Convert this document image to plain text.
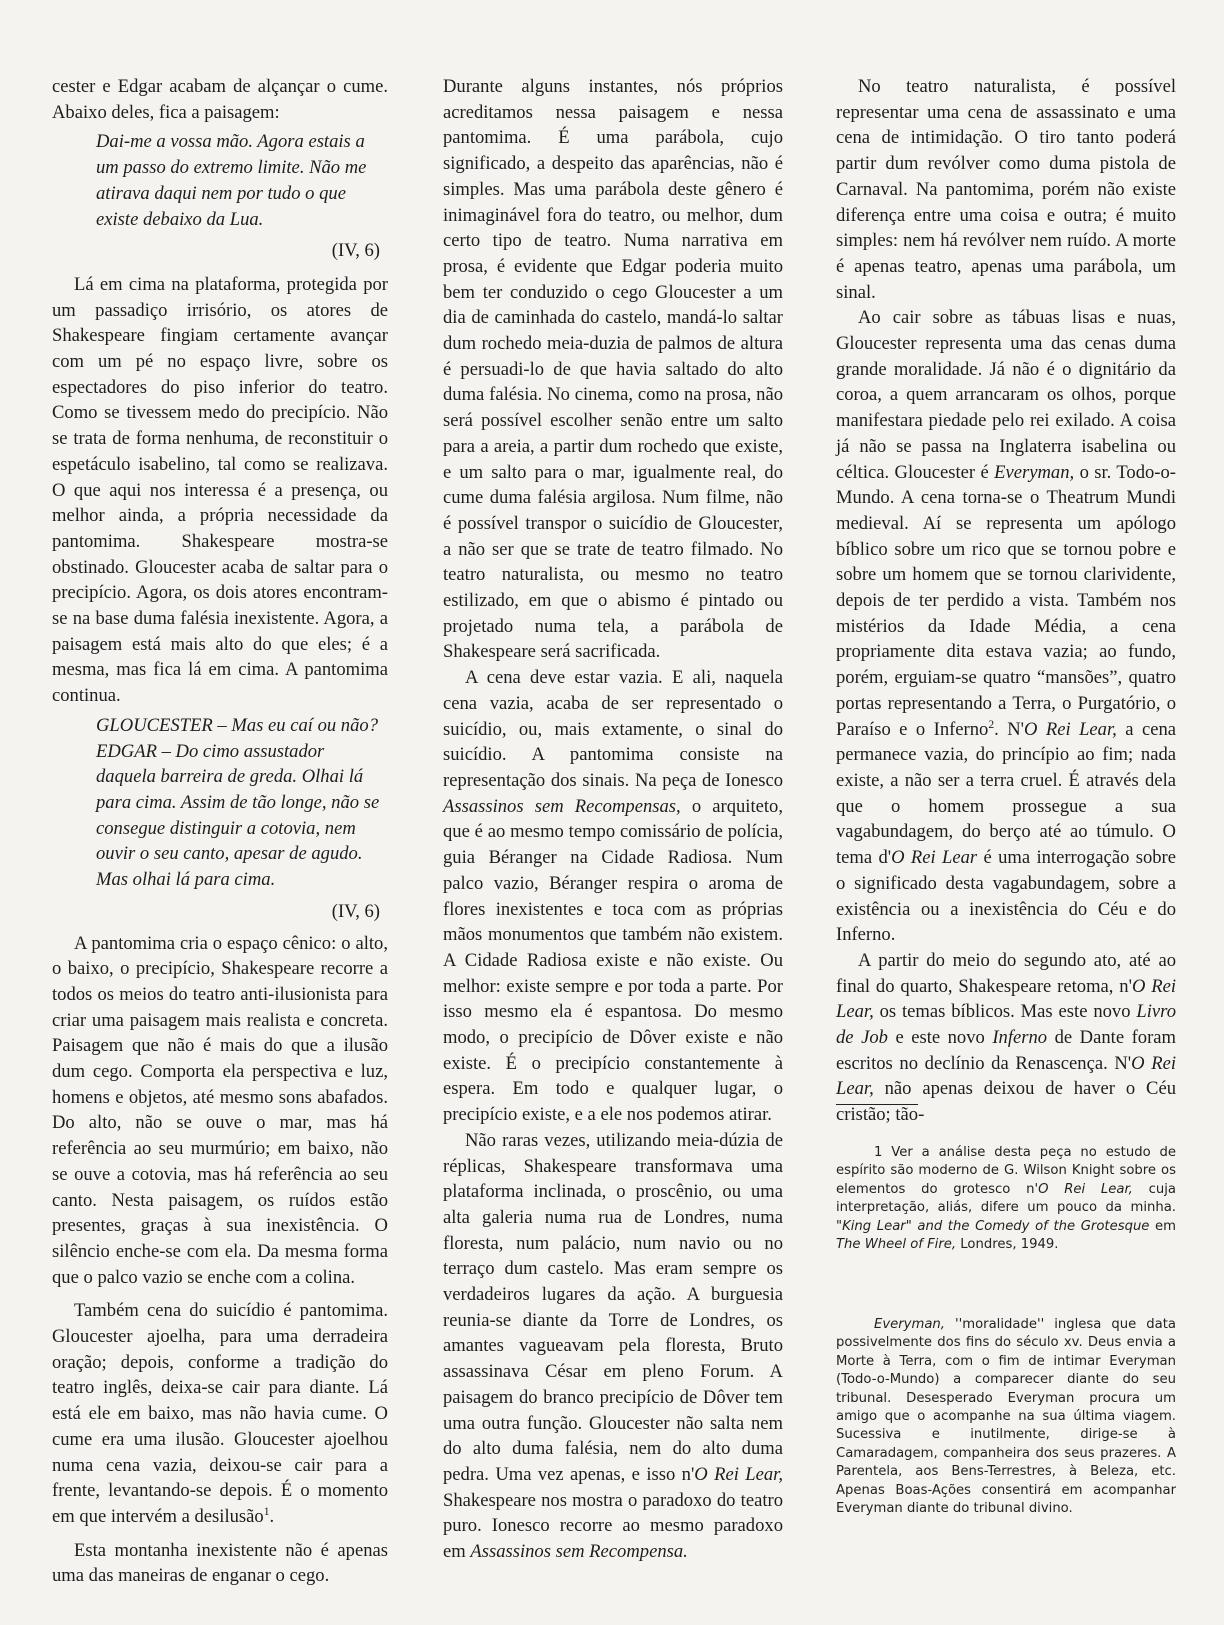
cester e Edgar acabam de alçançar o cume. Abaixo deles, fica a paisagem:

Dai-me a vossa mão. Agora estais a um passo do extremo limite. Não me atirava daqui nem por tudo o que existe debaixo da Lua.

(IV, 6)

Lá em cima na plataforma, protegida por um passadiço irrisório, os atores de Shakespeare fingiam certamente avançar com um pé no espaço livre, sobre os espectadores do piso inferior do teatro. Como se tivessem medo do precipício. Não se trata de forma nenhuma, de reconstituir o espetáculo isabelino, tal como se realizava. O que aqui nos interessa é a presença, ou melhor ainda, a própria necessidade da pantomima. Shakespeare mostra-se obstinado. Gloucester acaba de saltar para o precipício. Agora, os dois atores encontram-se na base duma falésia inexistente. Agora, a paisagem está mais alto do que eles; é a mesma, mas fica lá em cima. A pantomima continua.

GLOUCESTER – Mas eu caí ou não?

EDGAR – Do cimo assustador daquela barreira de greda. Olhai lá para cima. Assim de tão longe, não se consegue distinguir a cotovia, nem ouvir o seu canto, apesar de agudo. Mas olhai lá para cima.

(IV, 6)

A pantomima cria o espaço cênico: o alto, o baixo, o precipício, Shakespeare recorre a todos os meios do teatro anti-ilusionista para criar uma paisagem mais realista e concreta. Paisagem que não é mais do que a ilusão dum cego. Comporta ela perspectiva e luz, homens e objetos, até mesmo sons abafados. Do alto, não se ouve o mar, mas há referência ao seu murmúrio; em baixo, não se ouve a cotovia, mas há referência ao seu canto. Nesta paisagem, os ruídos estão presentes, graças à sua inexistência. O silêncio enche-se com ela. Da mesma forma que o palco vazio se enche com a colina.

Também cena do suicídio é pantomima. Gloucester ajoelha, para uma derradeira oração; depois, conforme a tradição do teatro inglês, deixa-se cair para diante. Lá está ele em baixo, mas não havia cume. O cume era uma ilusão. Gloucester ajoelhou numa cena vazia, deixou-se cair para a frente, levantando-se depois. É o momento em que intervém a desilusão$^1$.

Esta montanha inexistente não é apenas uma das maneiras de enganar o cego.

Durante alguns instantes, nós próprios acreditamos nessa paisagem e nessa pantomima. É uma parábola, cujo significado, a despeito das aparências, não é simples. Mas uma parábola deste gênero é inimaginável fora do teatro, ou melhor, dum certo tipo de teatro. Numa narrativa em prosa, é evidente que Edgar poderia muito bem ter conduzido o cego Gloucester a um dia de caminhada do castelo, mandá-lo saltar dum rochedo meia-duzia de palmos de altura é persuadi-lo de que havia saltado do alto duma falésia. No cinema, como na prosa, não será possível escolher senão entre um salto para a areia, a partir dum rochedo que existe, e um salto para o mar, igualmente real, do cume duma falésia argilosa. Num filme, não é possível transpor o suicídio de Gloucester, a não ser que se trate de teatro filmado. No teatro naturalista, ou mesmo no teatro estilizado, em que o abismo é pintado ou projetado numa tela, a parábola de Shakespeare será sacrificada.

A cena deve estar vazia. E ali, naquela cena vazia, acaba de ser representado o suicídio, ou, mais extamente, o sinal do suicídio. A pantomima consiste na representação dos sinais. Na peça de Ionesco Assassinos sem Recompensas, o arquiteto, que é ao mesmo tempo comissário de polícia, guia Béranger na Cidade Radiosa. Num palco vazio, Béranger respira o aroma de flores inexistentes e toca com as próprias mãos monumentos que também não existem. A Cidade Radiosa existe e não existe. Ou melhor: existe sempre e por toda a parte. Por isso mesmo ela é espantosa. Do mesmo modo, o precipício de Dôver existe e não existe. É o precipício constantemente à espera. Em todo e qualquer lugar, o precipício existe, e a ele nos podemos atirar.

Não raras vezes, utilizando meia-dúzia de réplicas, Shakespeare transformava uma plataforma inclinada, o proscênio, ou uma alta galeria numa rua de Londres, numa floresta, num palácio, num navio ou no terraço dum castelo. Mas eram sempre os verdadeiros lugares da ação. A burguesia reunia-se diante da Torre de Londres, os amantes vagueavam pela floresta, Bruto assassinava César em pleno Forum. A paisagem do branco precipício de Dôver tem uma outra função. Gloucester não salta nem do alto duma falésia, nem do alto duma pedra. Uma vez apenas, e isso n'O Rei Lear, Shakespeare nos mostra o paradoxo do teatro puro. Ionesco recorre ao mesmo paradoxo em Assassinos sem Recompensa.

No teatro naturalista, é possível representar uma cena de assassinato e uma cena de intimidação. O tiro tanto poderá partir dum revólver como duma pistola de Carnaval. Na pantomima, porém não existe diferença entre uma coisa e outra; é muito simples: nem há revólver nem ruído. A morte é apenas teatro, apenas uma parábola, um sinal.

Ao cair sobre as tábuas lisas e nuas, Gloucester representa uma das cenas duma grande moralidade. Já não é o dignitário da coroa, a quem arrancaram os olhos, porque manifestara piedade pelo rei exilado. A coisa já não se passa na Inglaterra isabelina ou céltica. Gloucester é Everyman, o sr. Todo-o-Mundo. A cena torna-se o Theatrum Mundi medieval. Aí se representa um apólogo bíblico sobre um rico que se tornou pobre e sobre um homem que se tornou clarividente, depois de ter perdido a vista. Também nos mistérios da Idade Média, a cena propriamente dita estava vazia; ao fundo, porém, erguiam-se quatro “mansões”, quatro portas representando a Terra, o Purgatório, o Paraíso e o Inferno$^2$. N'O Rei Lear, a cena permanece vazia, do princípio ao fim; nada existe, a não ser a terra cruel. É através dela que o homem prossegue a sua vagabundagem, do berço até ao túmulo. O tema d'O Rei Lear é uma interrogação sobre o significado desta vagabundagem, sobre a existência ou a inexistência do Céu e do Inferno.

A partir do meio do segundo ato, até ao final do quarto, Shakespeare retoma, n'O Rei Lear, os temas bíblicos. Mas este novo Livro de Job e este novo Inferno de Dante foram escritos no declínio da Renascença. N'O Rei Lear, não apenas deixou de haver o Céu cristão; tão-

1 Ver a análise desta peça no estudo de espírito são moderno de G. Wilson Knight sobre os elementos do grotesco n'O Rei Lear, cuja interpretação, aliás, difere um pouco da minha. "King Lear" and the Comedy of the Grotesque em The Wheel of Fire, Londres, 1949.

Everyman, ''moralidade'' inglesa que data possivelmente dos fins do século xv. Deus envia a Morte à Terra, com o fim de intimar Everyman (Todo-o-Mundo) a comparecer diante do seu tribunal. Desesperado Everyman procura um amigo que o acompanhe na sua última viagem. Sucessiva e inutilmente, dirige-se à Camaradagem, companheira dos seus prazeres. A Parentela, aos Bens-Terrestres, à Beleza, etc. Apenas Boas-Ações consentirá em acompanhar Everyman diante do tribunal divino.
